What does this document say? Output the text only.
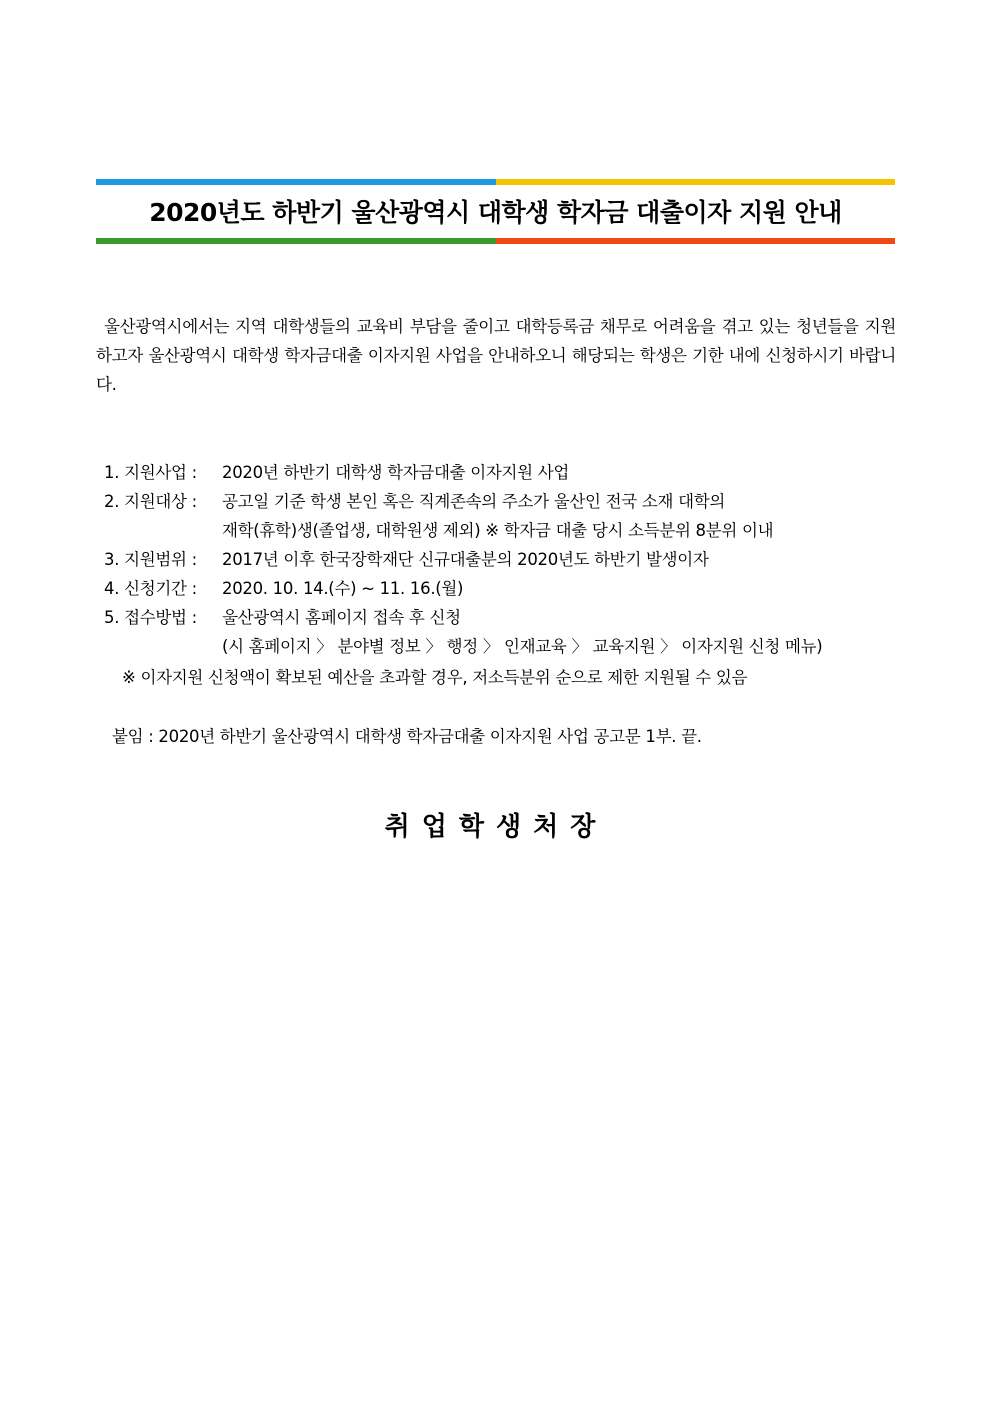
2020년도 하반기 울산광역시 대학생 학자금 대출이자 지원 안내
울산광역시에서는 지역 대학생들의 교육비 부담을 줄이고 대학등록금 채무로 어려움을 겪고 있는 청년들을 지원하고자 울산광역시 대학생 학자금대출 이자지원 사업을 안내하오니 해당되는 학생은 기한 내에 신청하시기 바랍니다.
1. 지원사업 : 2020년 하반기 대학생 학자금대출 이자지원 사업
2. 지원대상 : 공고일 기준 학생 본인 혹은 직계존속의 주소가 울산인 전국 소재 대학의
재학(휴학)생(졸업생, 대학원생 제외) ※ 학자금 대출 당시 소득분위 8분위 이내
3. 지원범위 : 2017년 이후 한국장학재단 신규대출분의 2020년도 하반기 발생이자
4. 신청기간 : 2020. 10. 14.(수) ~ 11. 16.(월)
5. 접수방법 : 울산광역시 홈페이지 접속 후 신청
(시 홈페이지 〉 분야별 정보 〉 행정 〉 인재교육 〉 교육지원 〉 이자지원 신청 메뉴)
※ 이자지원 신청액이 확보된 예산을 초과할 경우, 저소득분위 순으로 제한 지원될 수 있음
붙임 : 2020년 하반기 울산광역시 대학생 학자금대출 이자지원 사업 공고문 1부. 끝.
취업학생처장
